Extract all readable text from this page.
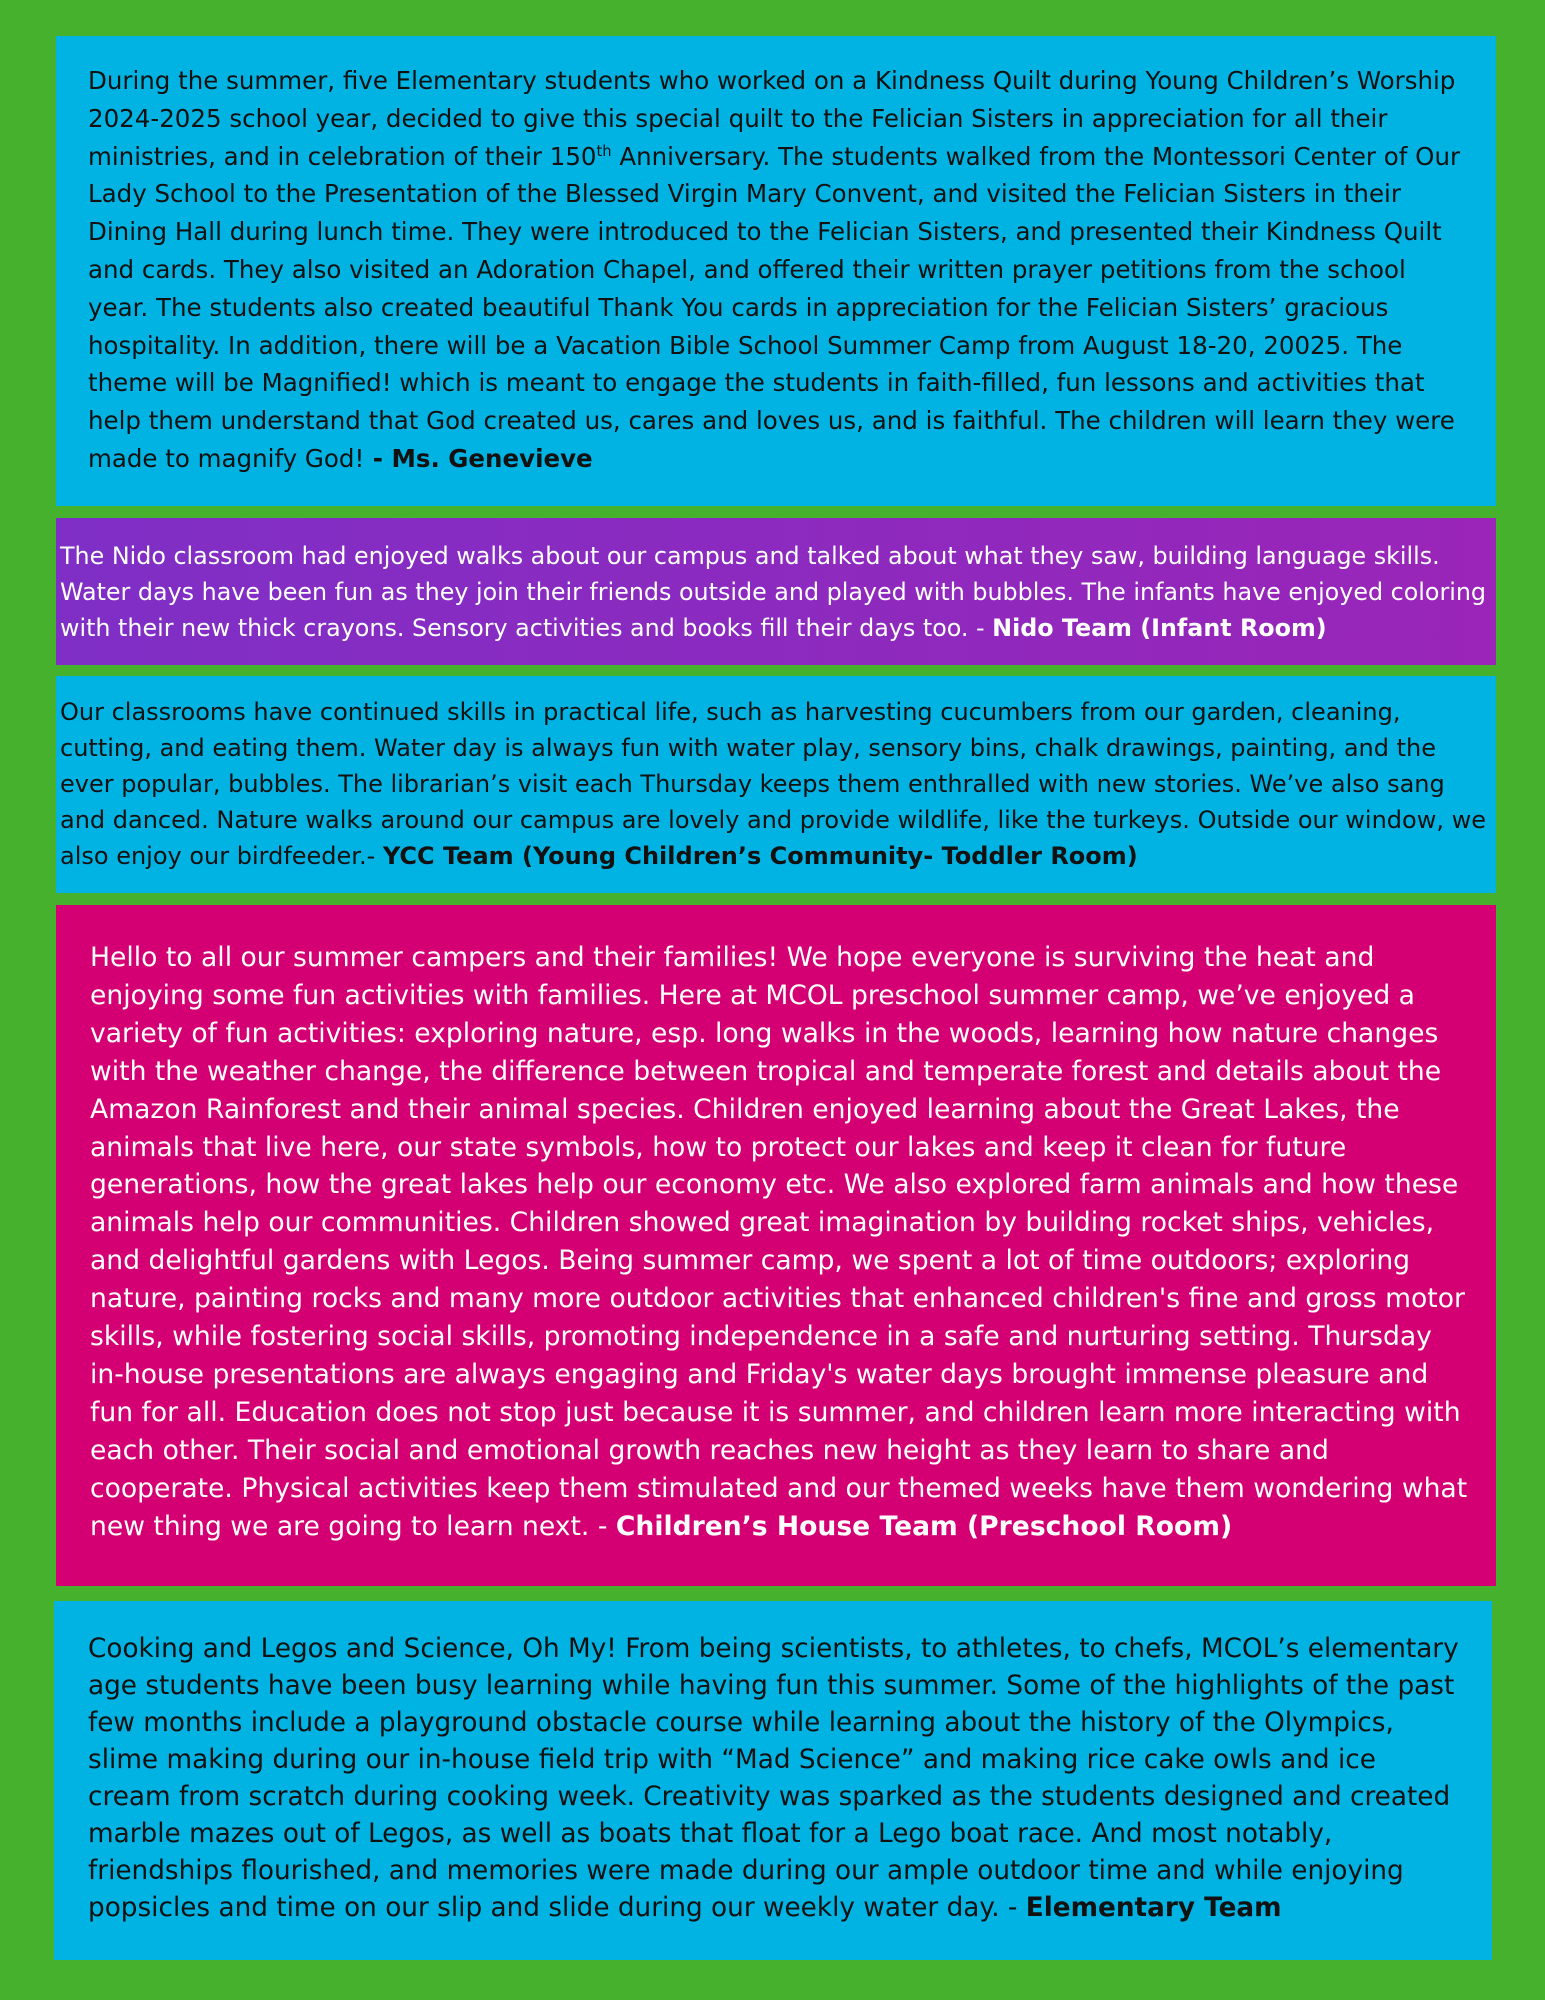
During the summer, five Elementary students who worked on a Kindness Quilt during Young Children’s Worship 2024-2025 school year, decided to give this special quilt to the Felician Sisters in appreciation for all their ministries, and in celebration of their 150th Anniversary. The students walked from the Montessori Center of Our Lady School to the Presentation of the Blessed Virgin Mary Convent, and visited the Felician Sisters in their Dining Hall during lunch time. They were introduced to the Felician Sisters, and presented their Kindness Quilt and cards. They also visited an Adoration Chapel, and offered their written prayer petitions from the school year. The students also created beautiful Thank You cards in appreciation for the Felician Sisters’ gracious hospitality. In addition, there will be a Vacation Bible School Summer Camp from August 18-20, 20025. The theme will be Magnified! which is meant to engage the students in faith-filled, fun lessons and activities that help them understand that God created us, cares and loves us, and is faithful. The children will learn they were made to magnify God! - Ms. Genevieve

The Nido classroom had enjoyed walks about our campus and talked about what they saw, building language skills. Water days have been fun as they join their friends outside and played with bubbles. The infants have enjoyed coloring with their new thick crayons. Sensory activities and books fill their days too. - Nido Team (Infant Room)

Our classrooms have continued skills in practical life, such as harvesting cucumbers from our garden, cleaning, cutting, and eating them. Water day is always fun with water play, sensory bins, chalk drawings, painting, and the ever popular, bubbles. The librarian’s visit each Thursday keeps them enthralled with new stories. We’ve also sang and danced. Nature walks around our campus are lovely and provide wildlife, like the turkeys. Outside our window, we also enjoy our birdfeeder.- YCC Team (Young Children’s Community- Toddler Room)

Hello to all our summer campers and their families! We hope everyone is surviving the heat and enjoying some fun activities with families. Here at MCOL preschool summer camp, we’ve enjoyed a variety of fun activities: exploring nature, esp. long walks in the woods, learning how nature changes with the weather change, the difference between tropical and temperate forest and details about the Amazon Rainforest and their animal species. Children enjoyed learning about the Great Lakes, the animals that live here, our state symbols, how to protect our lakes and keep it clean for future generations, how the great lakes help our economy etc. We also explored farm animals and how these animals help our communities. Children showed great imagination by building rocket ships, vehicles, and delightful gardens with Legos. Being summer camp, we spent a lot of time outdoors; exploring nature, painting rocks and many more outdoor activities that enhanced children's fine and gross motor skills, while fostering social skills, promoting independence in a safe and nurturing setting. Thursday in-house presentations are always engaging and Friday's water days brought immense pleasure and fun for all. Education does not stop just because it is summer, and children learn more interacting with each other. Their social and emotional growth reaches new height as they learn to share and cooperate. Physical activities keep them stimulated and our themed weeks have them wondering what new thing we are going to learn next. - Children’s House Team (Preschool Room)

Cooking and Legos and Science, Oh My! From being scientists, to athletes, to chefs, MCOL’s elementary age students have been busy learning while having fun this summer. Some of the highlights of the past few months include a playground obstacle course while learning about the history of the Olympics, slime making during our in-house field trip with “Mad Science” and making rice cake owls and ice cream from scratch during cooking week. Creativity was sparked as the students designed and created marble mazes out of Legos, as well as boats that float for a Lego boat race. And most notably, friendships flourished, and memories were made during our ample outdoor time and while enjoying popsicles and time on our slip and slide during our weekly water day. - Elementary Team
